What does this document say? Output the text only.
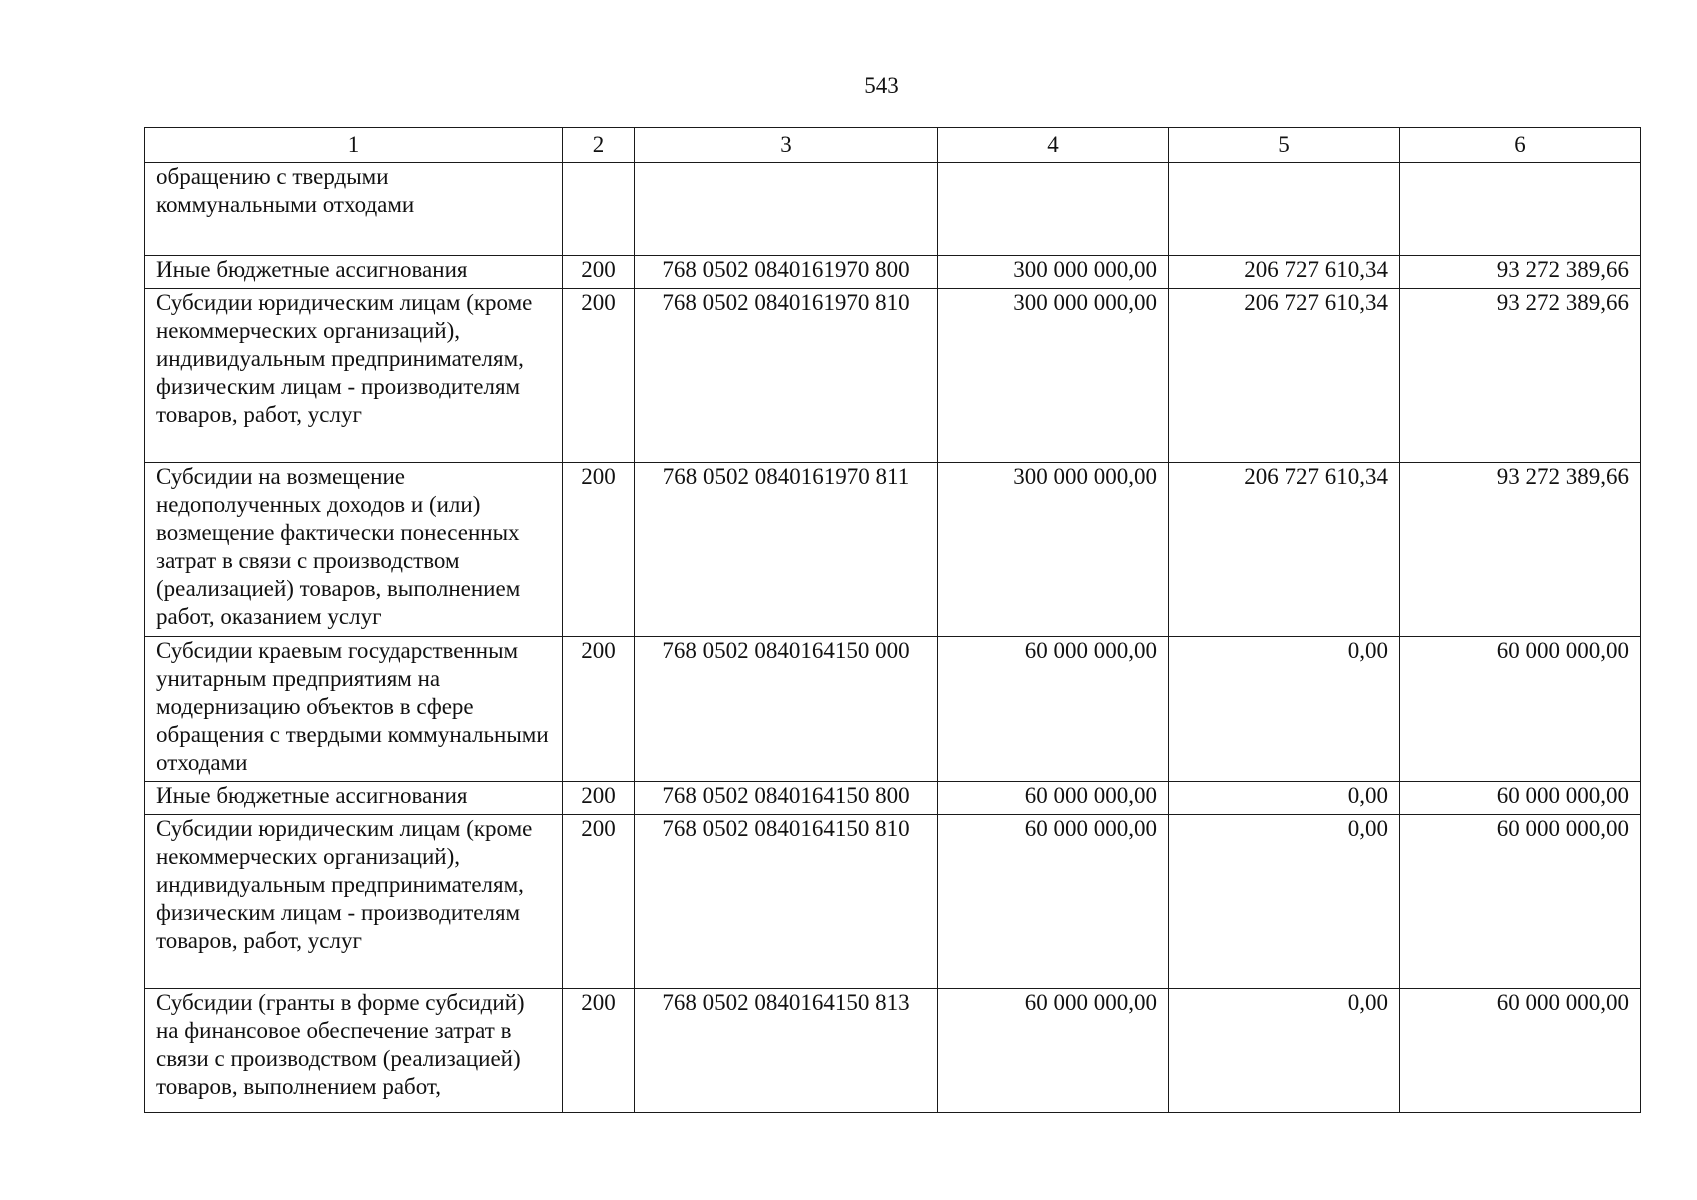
543
1	2	3	4	5	6
обращению с твердыми коммунальными отходами					
Иные бюджетные ассигнования	200	768 0502 0840161970 800	300 000 000,00	206 727 610,34	93 272 389,66
Субсидии юридическим лицам (кроме некоммерческих организаций), индивидуальным предпринимателям, физическим лицам - производителям товаров, работ, услуг	200	768 0502 0840161970 810	300 000 000,00	206 727 610,34	93 272 389,66
Субсидии на возмещение недополученных доходов и (или) возмещение фактически понесенных затрат в связи с производством (реализацией) товаров, выполнением работ, оказанием услуг	200	768 0502 0840161970 811	300 000 000,00	206 727 610,34	93 272 389,66
Субсидии краевым государственным унитарным предприятиям на модернизацию объектов в сфере обращения с твердыми коммунальными отходами	200	768 0502 0840164150 000	60 000 000,00	0,00	60 000 000,00
Иные бюджетные ассигнования	200	768 0502 0840164150 800	60 000 000,00	0,00	60 000 000,00
Субсидии юридическим лицам (кроме некоммерческих организаций), индивидуальным предпринимателям, физическим лицам - производителям товаров, работ, услуг	200	768 0502 0840164150 810	60 000 000,00	0,00	60 000 000,00
Субсидии (гранты в форме субсидий) на финансовое обеспечение затрат в связи с производством (реализацией) товаров, выполнением работ,	200	768 0502 0840164150 813	60 000 000,00	0,00	60 000 000,00
